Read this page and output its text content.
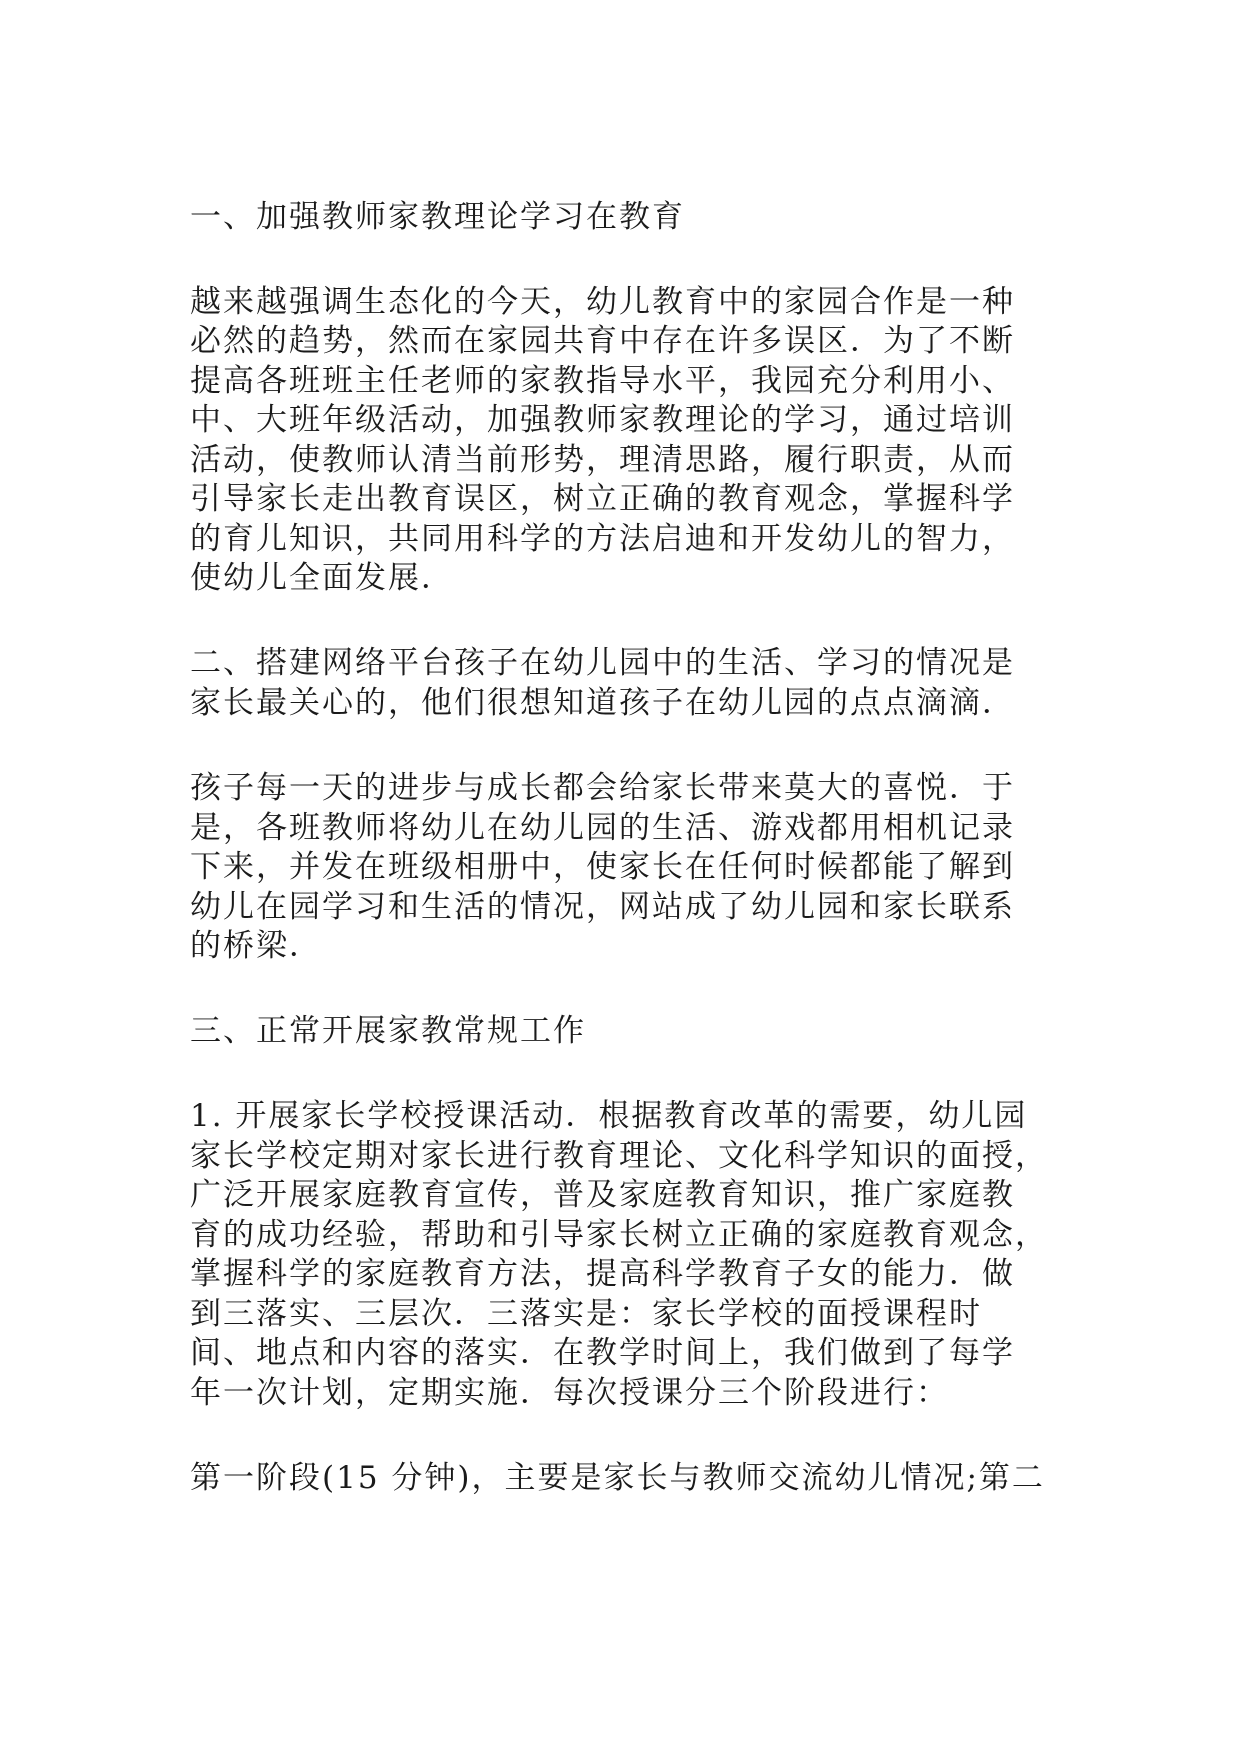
一、加强教师家教理论学习在教育
越来越强调生态化的今天，幼儿教育中的家园合作是一种
必然的趋势，然而在家园共育中存在许多误区．为了不断
提高各班班主任老师的家教指导水平，我园充分利用小、
中、大班年级活动，加强教师家教理论的学习，通过培训
活动，使教师认清当前形势，理清思路，履行职责，从而
引导家长走出教育误区，树立正确的教育观念，掌握科学
的育儿知识，共同用科学的方法启迪和开发幼儿的智力，
使幼儿全面发展．
二、搭建网络平台孩子在幼儿园中的生活、学习的情况是
家长最关心的，他们很想知道孩子在幼儿园的点点滴滴．
孩子每一天的进步与成长都会给家长带来莫大的喜悦．于
是，各班教师将幼儿在幼儿园的生活、游戏都用相机记录
下来，并发在班级相册中，使家长在任何时候都能了解到
幼儿在园学习和生活的情况，网站成了幼儿园和家长联系
的桥梁．
三、正常开展家教常规工作
1. 开展家长学校授课活动．根据教育改革的需要，幼儿园
家长学校定期对家长进行教育理论、文化科学知识的面授，
广泛开展家庭教育宣传，普及家庭教育知识，推广家庭教
育的成功经验，帮助和引导家长树立正确的家庭教育观念，
掌握科学的家庭教育方法，提高科学教育子女的能力．做
到三落实、三层次．三落实是：家长学校的面授课程时
间、地点和内容的落实．在教学时间上，我们做到了每学
年一次计划，定期实施．每次授课分三个阶段进行：
第一阶段(15 分钟)，主要是家长与教师交流幼儿情况;第二
